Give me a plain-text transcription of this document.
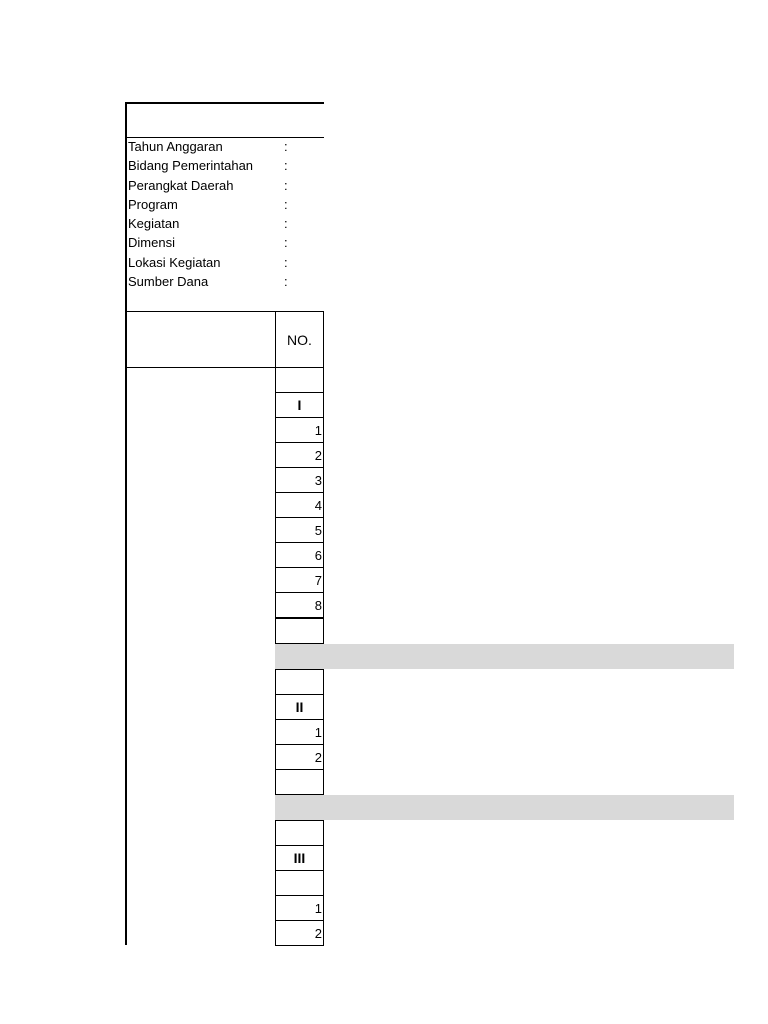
Tahun Anggaran	:
Bidang Pemerintahan :
Perangkat Daerah	:
Program	:
Kegiatan	:
Dimensi	:
Lokasi Kegiatan	:
Sumber Dana	:
NO.
I
1
2
3
4
5
6
7
8
II
1
2
III
1
2
